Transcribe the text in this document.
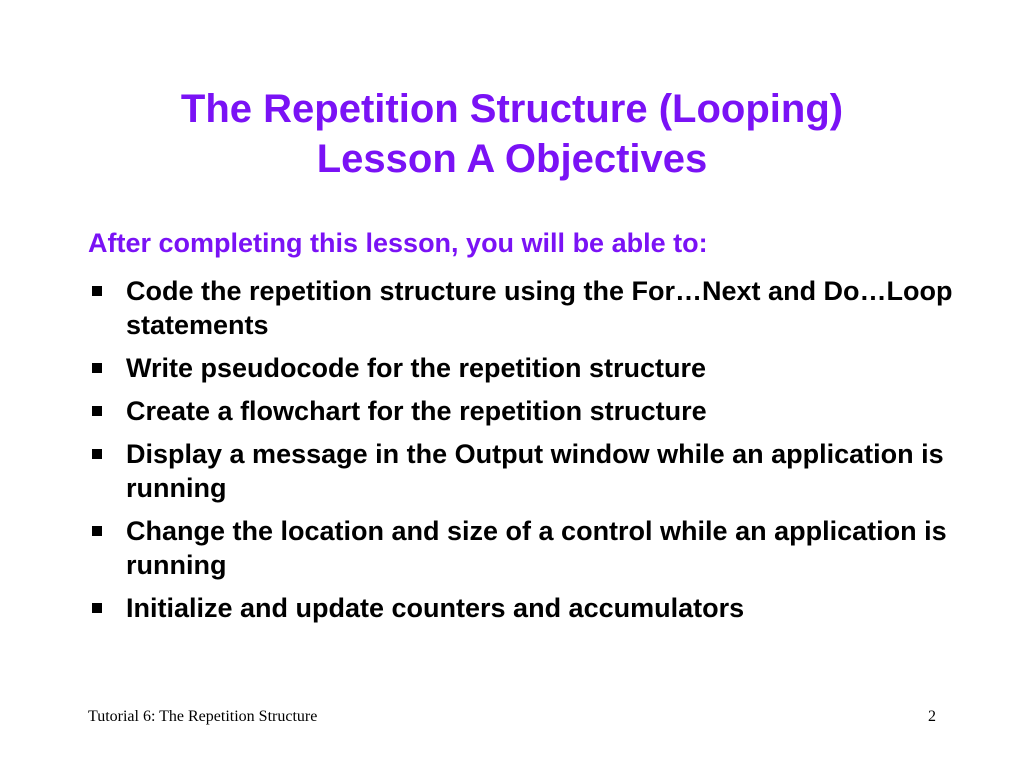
The Repetition Structure (Looping)
Lesson A Objectives
After completing this lesson, you will be able to:
Code the repetition structure using the For…Next and Do…Loop statements
Write pseudocode for the repetition structure
Create a flowchart for the repetition structure
Display a message in the Output window while an application is running
Change the location and size of a control while an application is running
Initialize and update counters and accumulators
Tutorial 6: The Repetition Structure	2
